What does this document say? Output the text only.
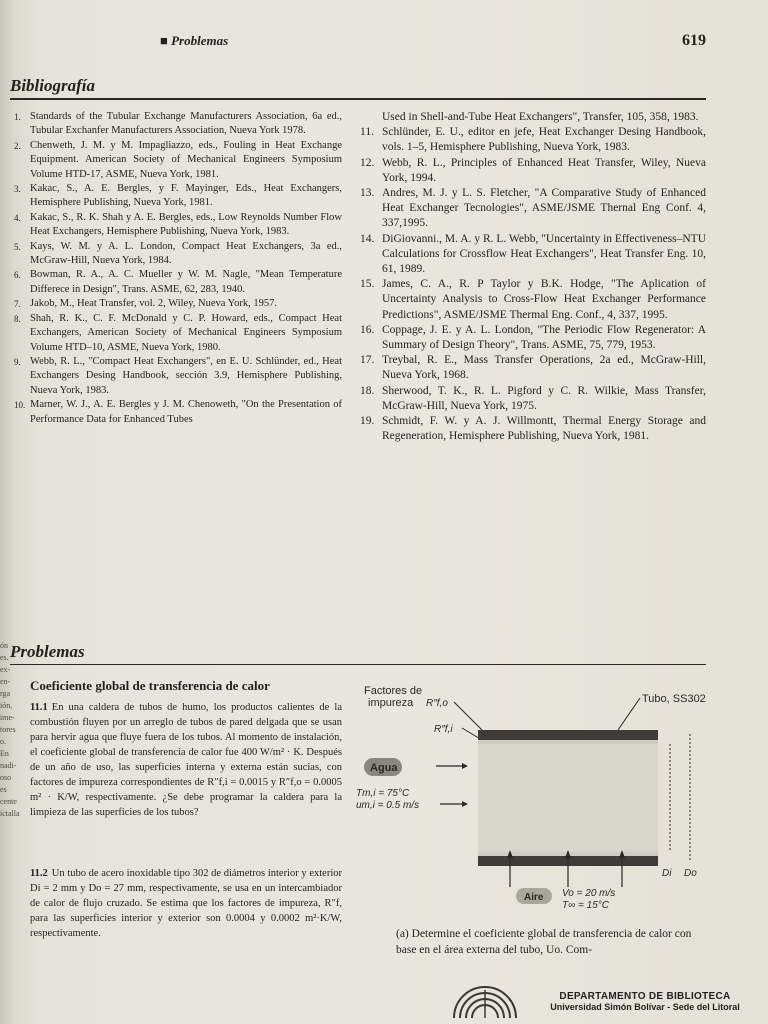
ón
es.
ex-
en-
rga
ión,
ime-
tores
o. En
nadi-
oso es
cente
ictalla
■ Problemas	619
Bibliografía
1. Standards of the Tubular Exchange Manufacturers Association, 6a ed., Tubular Exchanfer Manufacturers Association, Nueva York 1978.
2. Chenweth, J. M. y M. Impagliazzo, eds., Fouling in Heat Exchange Equipment. American Society of Mechanical Engineers Symposium Volume HTD-17, ASME, Nueva York, 1981.
3. Kakac, S., A. E. Bergles, y F. Mayinger, Eds., Heat Exchangers, Hemisphere Publishing, Nueva York, 1981.
4. Kakac, S., R. K. Shah y A. E. Bergles, eds., Low Reynolds Number Flow Heat Exchangers, Hemisphere Publishing, Nueva York, 1983.
5. Kays, W. M. y A. L. London, Compact Heat Exchangers, 3a ed., McGraw-Hill, Nueva York, 1984.
6. Bowman, R. A., A. C. Mueller y W. M. Nagle, "Mean Temperature Differece in Design", Trans. ASME, 62, 283, 1940.
7. Jakob, M., Heat Transfer, vol. 2, Wiley, Nueva York, 1957.
8. Shah, R. K., C. F. McDonald y C. P. Howard, eds., Compact Heat Exchangers, American Society of Mechanical Engineers Symposium Volume HTD–10, ASME, Nueva York, 1980.
9. Webb, R. L., "Compact Heat Exchangers", en E. U. Schlünder, ed., Heat Exchangers Desing Handbook, sección 3.9, Hemisphere Publishing, Nueva York, 1983.
10. Marner, W. J., A. E. Bergles y J. M. Chenoweth, "On the Presentation of Performance Data for Enhanced Tubes
Used in Shell-and-Tube Heat Exchangers", Transfer, 105, 358, 1983.
11. Schlünder, E. U., editor en jefe, Heat Exchanger Desing Handbook, vols. 1–5, Hemisphere Publishing, Nueva York, 1983.
12. Webb, R. L., Principles of Enhanced Heat Transfer, Wiley, Nueva York, 1994.
13. Andres, M. J. y L. S. Fletcher, "A Comparative Study of Enhanced Heat Exchanger Tecnologies", ASME/JSME Thernal Eng Conf. 4, 337,1995.
14. DiGiovanni., M. A. y R. L. Webb, "Uncertainty in Effectiveness–NTU Calculations for Crossflow Heat Exchangers", Heat Transfer Eng. 10, 61, 1989.
15. James, C. A., R. P Taylor y B.K. Hodge, "The Aplication of Uncertainty Analysis to Cross-Flow Heat Exchanger Performance Predictions", ASME/JSME Thermal Eng. Conf., 4, 337, 1995.
16. Coppage, J. E. y A. L. London, "The Periodic Flow Regenerator: A Summary of Design Theory", Trans. ASME, 75, 779, 1953.
17. Treybal, R. E., Mass Transfer Operations, 2a ed., McGraw-Hill, Nueva York, 1968.
18. Sherwood, T. K., R. L. Pigford y C. R. Wilkie, Mass Transfer, McGraw-Hill, Nueva York, 1975.
19. Schmidt, F. W. y A. J. Willmontt, Thermal Energy Storage and Regeneration, Hemisphere Publishing, Nueva York, 1981.
Problemas
Coeficiente global de transferencia de calor
11.1 En una caldera de tubos de humo, los productos calientes de la combustión fluyen por un arreglo de tubos de pared delgada que se usan para hervir agua que fluye fuera de los tubos. Al momento de instalación, el coeficiente global de transferencia de calor fue 400 W/m² · K. Después de un año de uso, las superficies interna y externa están sucias, con factores de impureza correspondientes de R″f,i = 0.0015 y R″f,o = 0.0005 m² · K/W, respectivamente. ¿Se debe programar la caldera para la limpieza de las superficies de los tubos?
11.2 Un tubo de acero inoxidable tipo 302 de diámetros interior y exterior Di = 2 mm y Do = 27 mm, respectivamente, se usa en un intercambiador de calor de flujo cruzado. Se estima que los factores de impureza, R″f, para las superficies interior y exterior son 0.0004 y 0.0002 m²·K/W, respectivamente.
Factores de
impureza R″f,o
R″f,i
Tubo, SS302
Agua
Tm,i = 75°C
um,i = 0.5 m/s
Di Do
Aire Vo = 20 m/s
T∞ = 15°C
(a) Determine el coeficiente global de transferencia de calor con base en el área externa del tubo, Uo. Com-
DEPARTAMENTO DE BIBLIOTECA
Universidad Simón Bolívar - Sede del Litoral
